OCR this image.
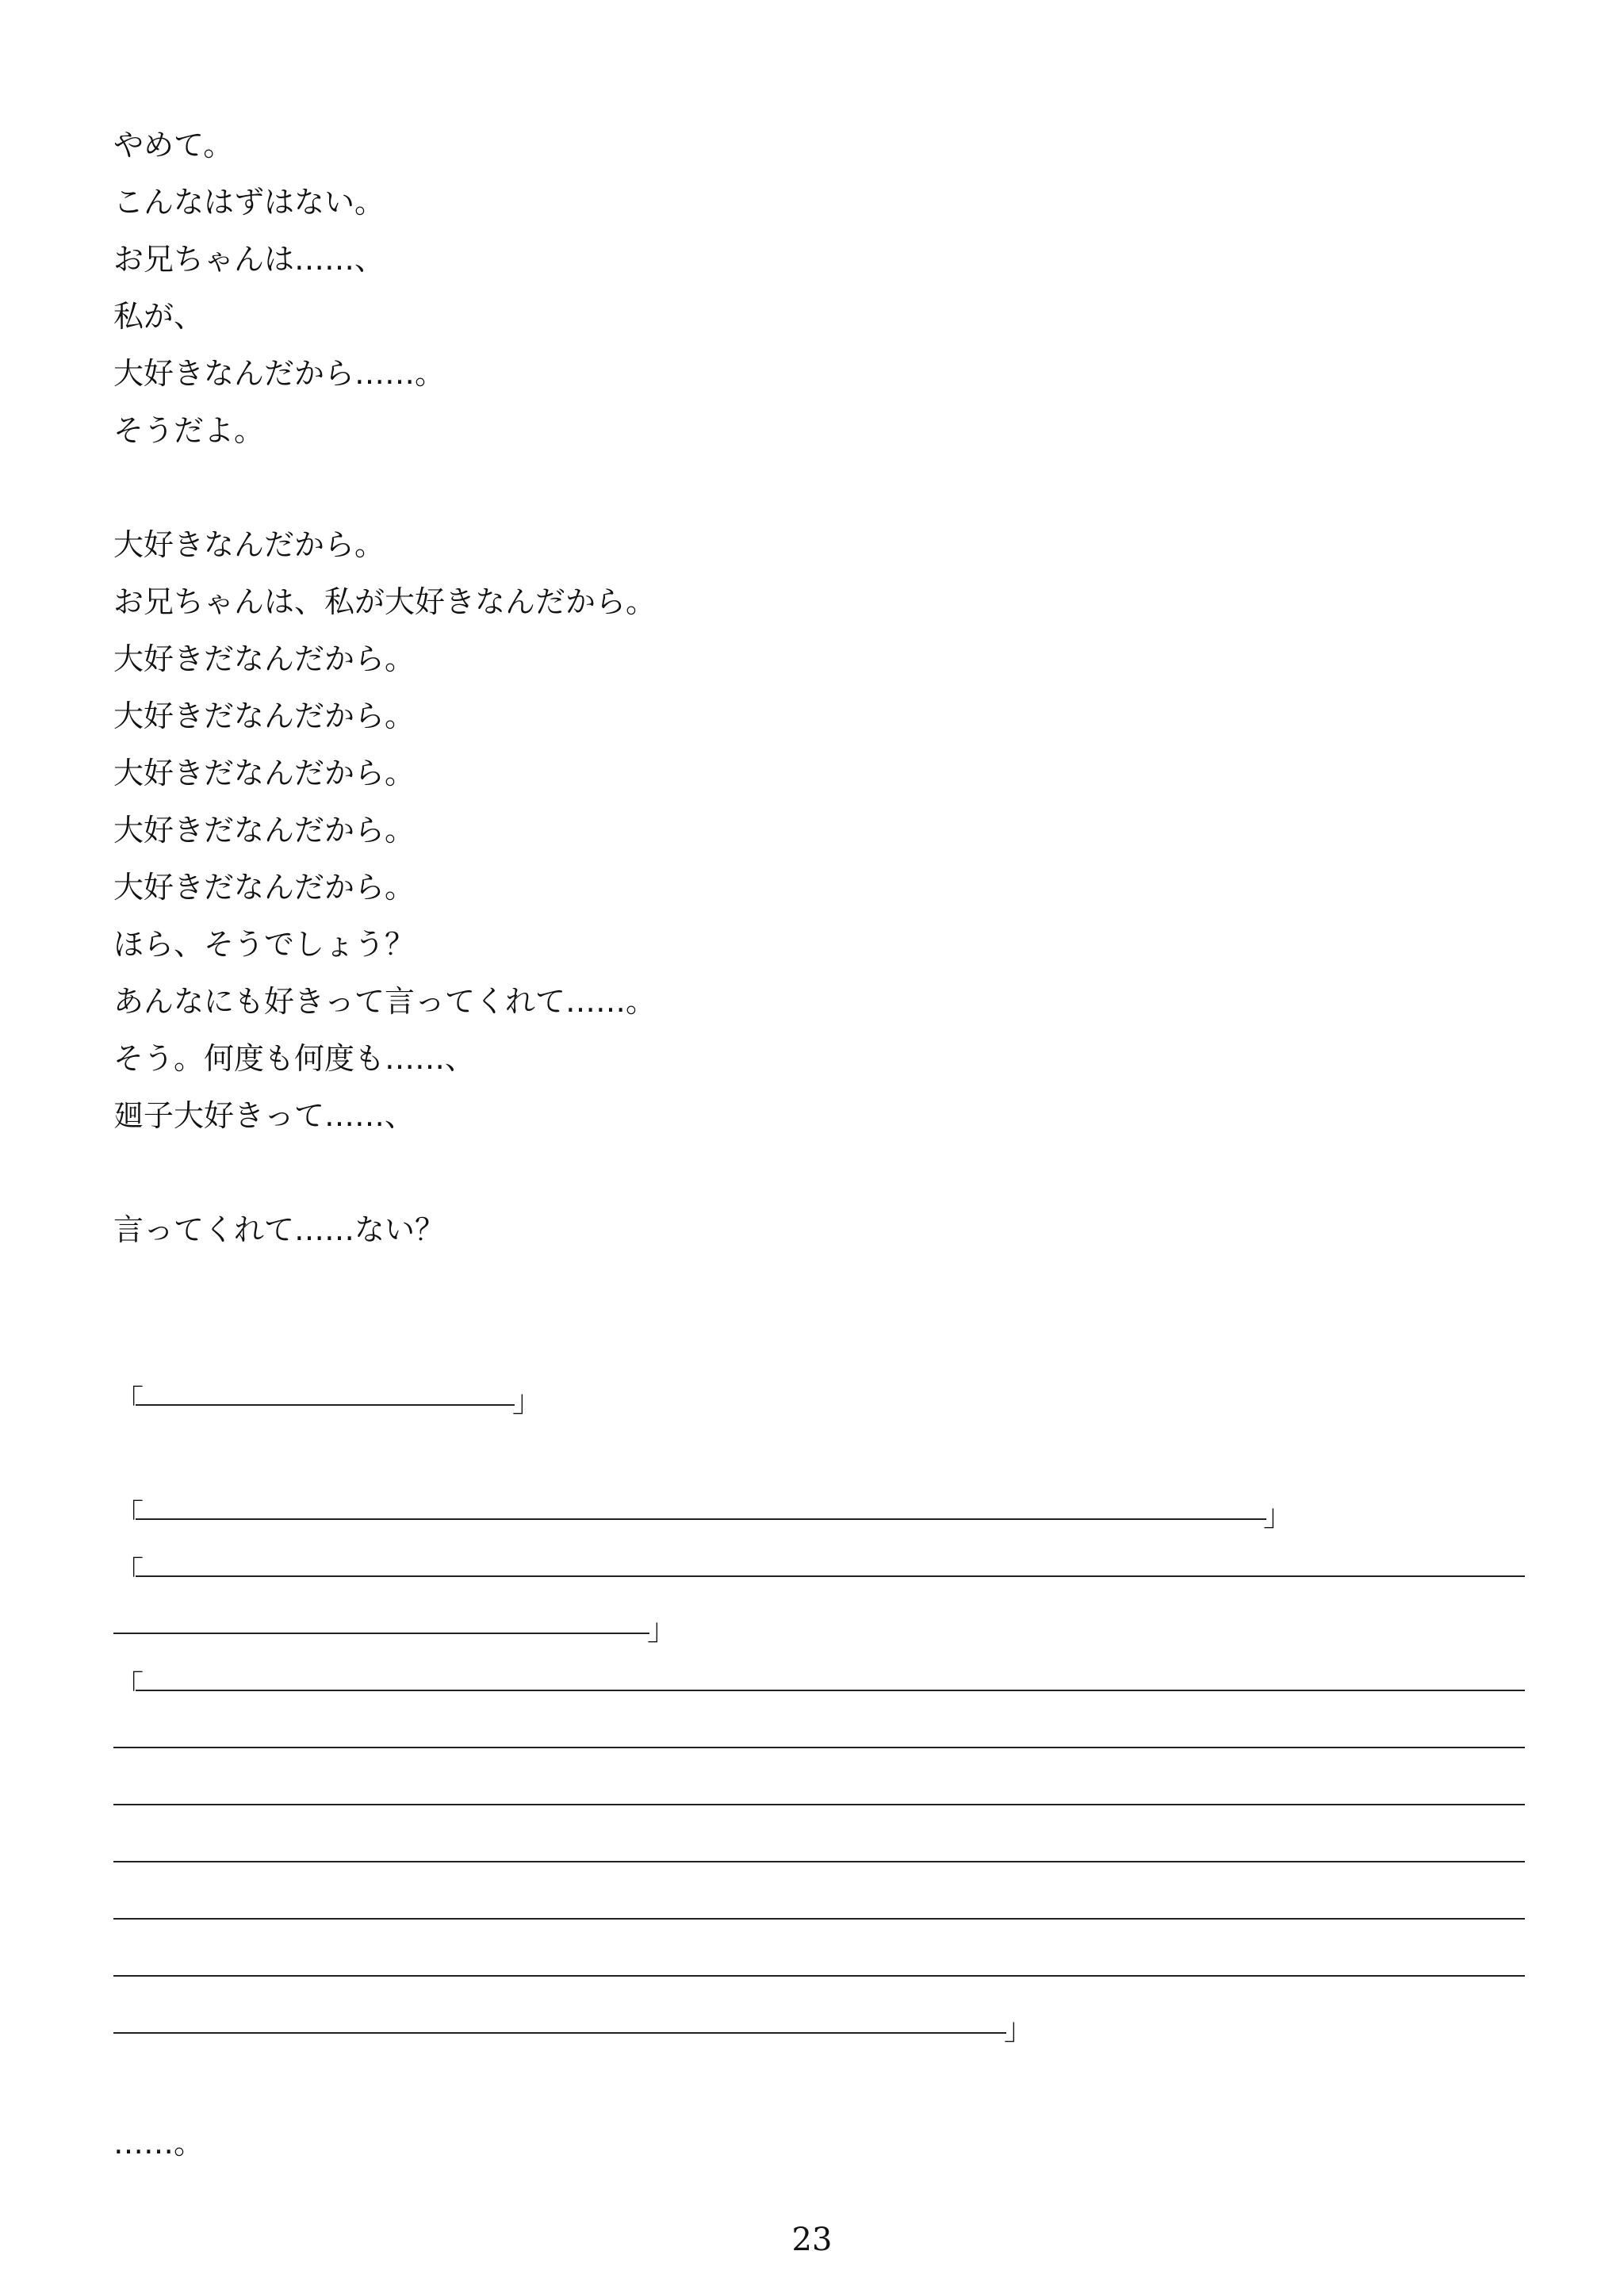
やめて。
こんなはずはない。
お兄ちゃんは……、
私が、
大好きなんだから……。
そうだよ。
大好きなんだから。
お兄ちゃんは、私が大好きなんだから。
大好きだなんだから。
大好きだなんだから。
大好きだなんだから。
大好きだなんだから。
大好きだなんだから。
ほら、そうでしょう？
あんなにも好きって言ってくれて……。
そう。何度も何度も……、
廻子大好きって……、
言ってくれて……ない？
「	」
「	」
「
」
「
」
……。
23
